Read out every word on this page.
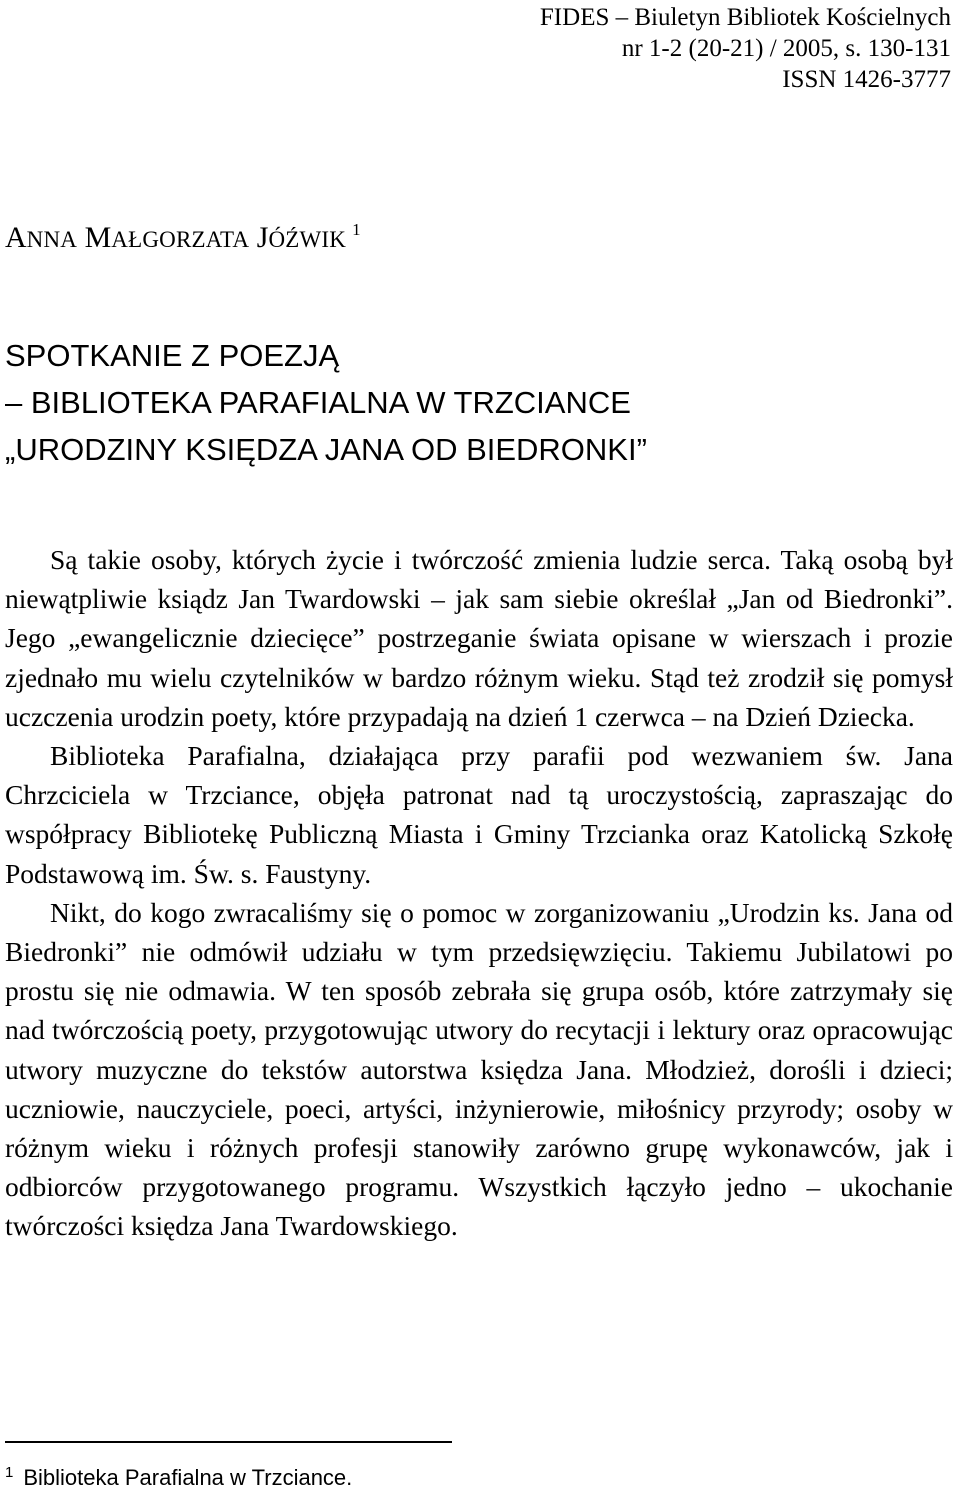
FIDES – Biuletyn Bibliotek Kościelnych
nr 1-2 (20-21) / 2005, s. 130-131
ISSN 1426-3777
ANNA MAŁGORZATA JÓŹWIK $^1$
SPOTKANIE Z POEZJĄ
– BIBLIOTEKA PARAFIALNA W TRZCIANCE
„URODZINY KSIĘDZA JANA OD BIEDRONKI”

Są takie osoby, których życie i twórczość zmienia ludzie serca. Taką osobą był niewątpliwie ksiądz Jan Twardowski – jak sam siebie określał „Jan od Biedronki”. Jego „ewangelicznie dziecięce” postrzeganie świata opisane w wierszach i prozie zjednało mu wielu czytelników w bardzo różnym wieku. Stąd też zrodził się pomysł uczczenia urodzin poety, które przypadają na dzień 1 czerwca – na Dzień Dziecka.

Biblioteka Parafialna, działająca przy parafii pod wezwaniem św. Jana Chrzciciela w Trzciance, objęła patronat nad tą uroczystością, zapraszając do współpracy Bibliotekę Publiczną Miasta i Gminy Trzcianka oraz Katolicką Szkołę Podstawową im. Św. s. Faustyny.

Nikt, do kogo zwracaliśmy się o pomoc w zorganizowaniu „Urodzin ks. Jana od Biedronki” nie odmówił udziału w tym przedsięwzięciu. Takiemu Jubilatowi po prostu się nie odmawia. W ten sposób zebrała się grupa osób, które zatrzymały się nad twórczością poety, przygotowując utwory do recytacji i lektury oraz opracowując utwory muzyczne do tekstów autorstwa księdza Jana. Młodzież, dorośli i dzieci; uczniowie, nauczyciele, poeci, artyści, inżynierowie, miłośnicy przyrody; osoby w różnym wieku i różnych profesji stanowiły zarówno grupę wykonawców, jak i odbiorców przygotowanego programu. Wszystkich łączyło jedno – ukochanie twórczości księdza Jana Twardowskiego.

$^1$ Biblioteka Parafialna w Trzciance.
